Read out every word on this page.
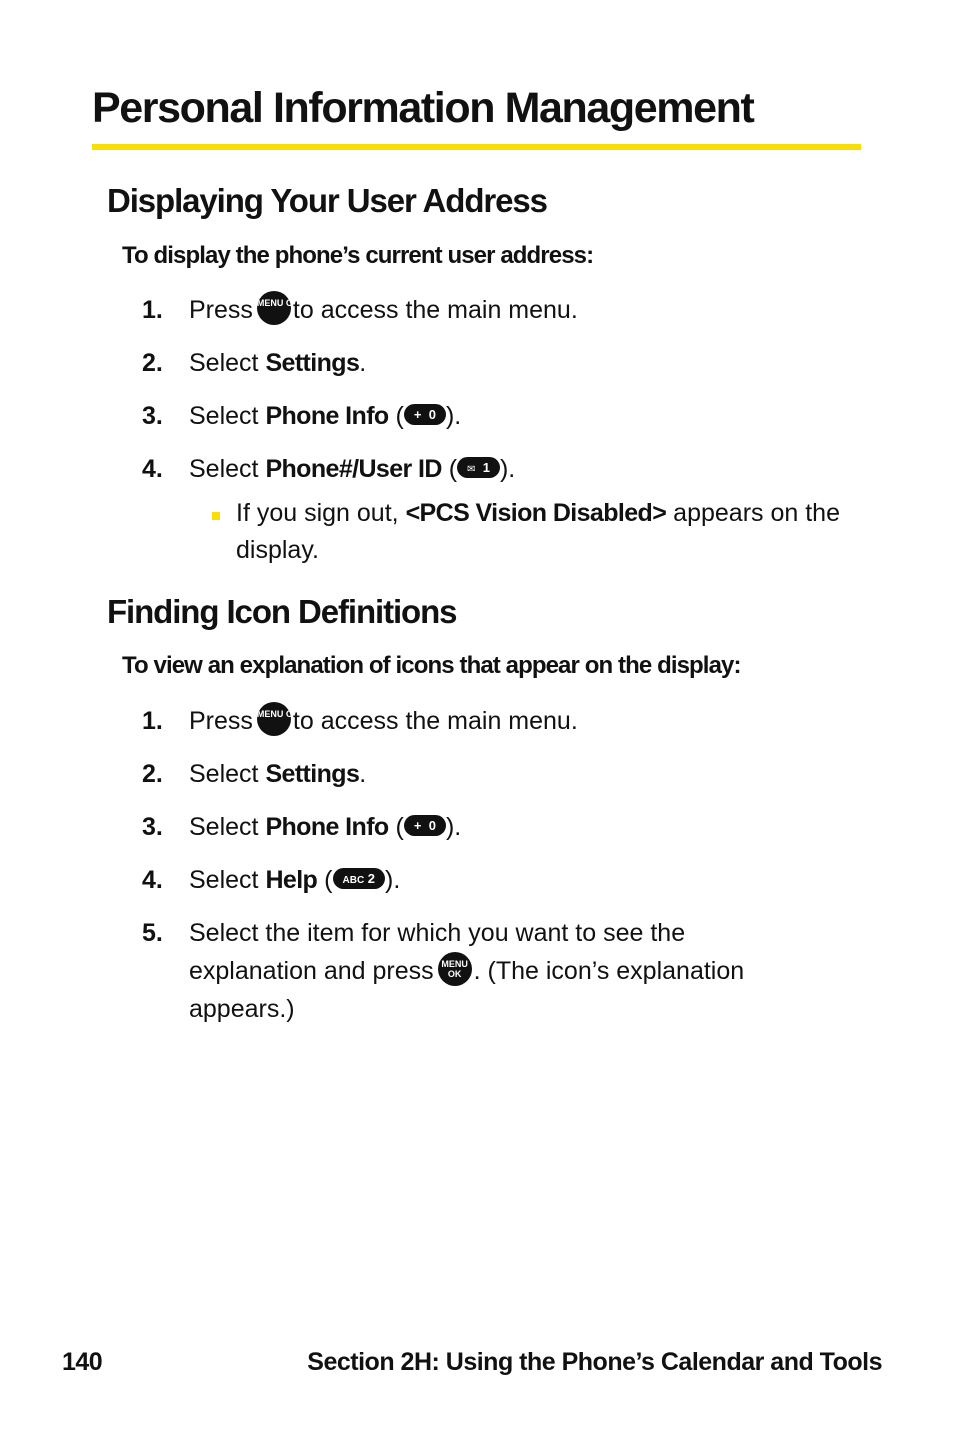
Personal Information Management
Displaying Your User Address
To display the phone’s current user address:
1. Press MENU OKto access the main menu.
2. Select Settings.
3. Select Phone Info ( + 0 ).
4. Select Phone#/User ID ( ✉ 1 ).
If you sign out, <PCS Vision Disabled> appears on the display.
Finding Icon Definitions
To view an explanation of icons that appear on the display:
1. Press MENU OKto access the main menu.
2. Select Settings.
3. Select Phone Info ( + 0 ).
4. Select Help ( ABC 2 ).
5. Select the item for which you want to see the explanation and press MENU OK . (The icon’s explanation appears.)
140	Section 2H: Using the Phone’s Calendar and Tools
